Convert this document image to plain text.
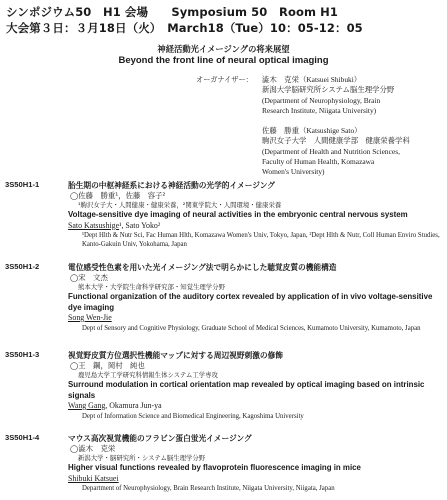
シンポジウム50　H1 会場　　Symposium 50　Room H1
大会第３日：３月18日（火）　March18（Tue）10：05-12：05
神経活動光イメージングの将来展望
Beyond the front line of neural optical imaging
オーガナイザー： 澁木　克栄（Katsuei Shibuki）
新潟大学脳研究所システム脳生理学分野
(Department of Neurophysiology, Brain
Research Institute, Niigata University)
佐藤　勝重（Katsushige Sato）
駒沢女子大学　人間健康学部　健康栄養学科
(Department of Health and Nutrition Sciences,
Faculty of Human Health, Komazawa
Women's University)
3S50H1-1	胎生期の中枢神経系における神経活動の光学的イメージング
◯佐藤　勝重¹，佐藤　容子²
¹駒沢女子大・人間健康・健康栄養，²関東学院大・人間環境・健康栄養
Voltage-sensitive dye imaging of neural activities in the embryonic central nervous system
Sato Katsushige¹, Sato Yoko²
¹Dept Hlth & Nutr Sci, Fac Human Hlth, Komazawa Women's Univ, Tokyo, Japan, ²Dept Hlth & Nutr, Coll Human Enviro Studies, Kanto-Gakuin Univ, Yokohama, Japan
3S50H1-2	電位感受性色素を用いた光イメージング法で明らかにした聴覚皮質の機能構造
◯宋　文杰
熊本大学・大学院生命科学研究部・知覚生理学分野
Functional organization of the auditory cortex revealed by application of in vivo voltage-sensitive dye imaging
Song Wen-Jie
Dept of Sensory and Cognitive Physiology, Graduate School of Medical Sciences, Kumamoto University, Kumamoto, Japan
3S50H1-3	視覚野皮質方位選択性機能マップに対する周辺視野刺激の修飾
◯王　鋼，岡村　純也
鹿児島大学工学研究科情報生体システム工学専攻
Surround modulation in cortical orientation map revealed by optical imaging based on intrinsic signals
Wang Gang, Okamura Jun-ya
Dept of Information Science and Biomedical Engineering, Kagoshima University
3S50H1-4	マウス高次視覚機能のフラビン蛋白蛍光イメージング
◯澁木　克栄
新潟大学・脳研究所・システム脳生理学分野
Higher visual functions revealed by flavoprotein fluorescence imaging in mice
Shibuki Katsuei
Department of Neurophysiology, Brain Research Institute, Niigata University, Niigata, Japan
